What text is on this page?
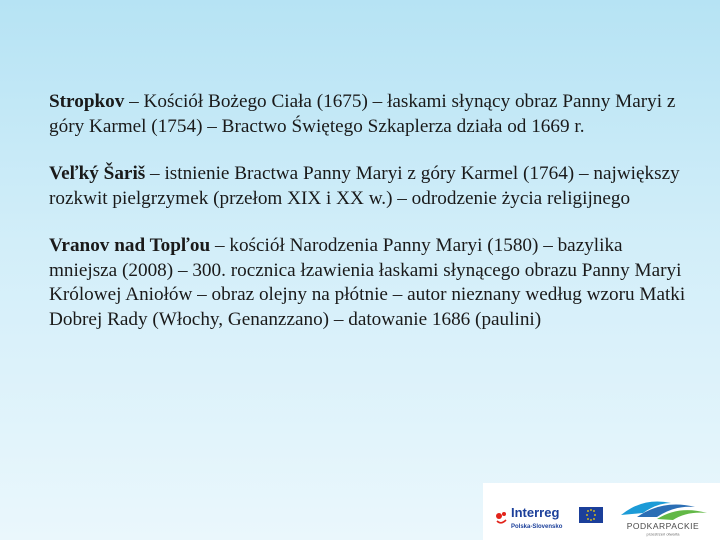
Stropkov – Kościół Bożego Ciała (1675) – łaskami słynący obraz Panny Maryi z góry Karmel (1754) – Bractwo Świętego Szkaplerza działa od 1669 r.

Veľký Šariš – istnienie Bractwa Panny Maryi z góry Karmel (1764) – największy rozkwit pielgrzymek (przełom XIX i XX w.) – odrodzenie życia religijnego

Vranov nad Topľou – kościół Narodzenia Panny Maryi (1580) – bazylika mniejsza (2008) – 300. rocznica łzawienia łaskami słynącego obrazu Panny Maryi Królowej Aniołów – obraz olejny na płótnie – autor nieznany według wzoru Matki Dobrej Rady (Włochy, Genanzzano) – datowanie 1686 (paulini)

Interreg
Polska-Slovensko	PODKARPACKIE
przestrzeń otwarta
